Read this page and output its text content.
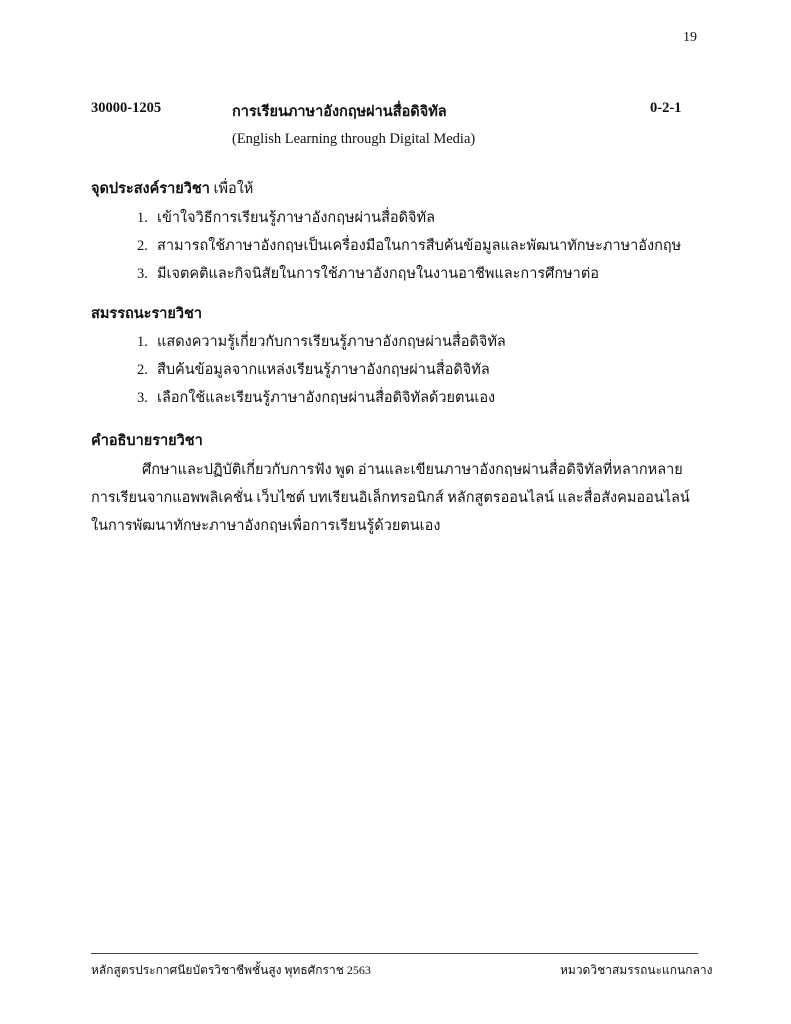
19
30000-1205	การเรียนภาษาอังกฤษผ่านสื่อดิจิทัล	0-2-1
(English Learning through Digital Media)
จุดประสงค์รายวิชา เพื่อให้
1. เข้าใจวิธีการเรียนรู้ภาษาอังกฤษผ่านสื่อดิจิทัล
2. สามารถใช้ภาษาอังกฤษเป็นเครื่องมือในการสืบค้นข้อมูลและพัฒนาทักษะภาษาอังกฤษ
3. มีเจตคติและกิจนิสัยในการใช้ภาษาอังกฤษในงานอาชีพและการศึกษาต่อ
สมรรถนะรายวิชา
1. แสดงความรู้เกี่ยวกับการเรียนรู้ภาษาอังกฤษผ่านสื่อดิจิทัล
2. สืบค้นข้อมูลจากแหล่งเรียนรู้ภาษาอังกฤษผ่านสื่อดิจิทัล
3. เลือกใช้และเรียนรู้ภาษาอังกฤษผ่านสื่อดิจิทัลด้วยตนเอง
คำอธิบายรายวิชา
ศึกษาและปฏิบัติเกี่ยวกับการฟัง พูด อ่านและเขียนภาษาอังกฤษผ่านสื่อดิจิทัลที่หลากหลาย
การเรียนจากแอพพลิเคชั่น เว็บไซต์ บทเรียนอิเล็กทรอนิกส์ หลักสูตรออนไลน์ และสื่อสังคมออนไลน์
ในการพัฒนาทักษะภาษาอังกฤษเพื่อการเรียนรู้ด้วยตนเอง
หลักสูตรประกาศนียบัตรวิชาชีพชั้นสูง พุทธศักราช 2563	หมวดวิชาสมรรถนะแกนกลาง
